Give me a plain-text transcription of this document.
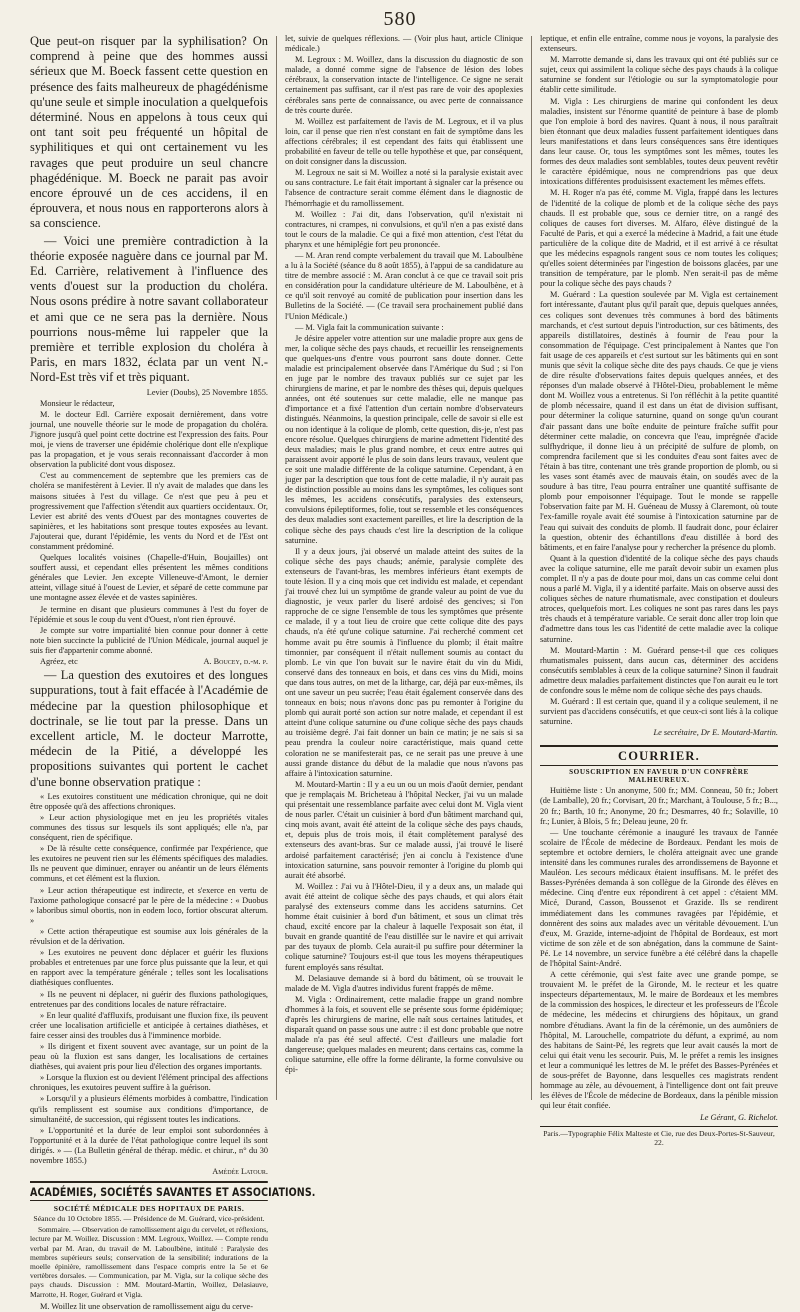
580
Que peut-on risquer par la syphilisation? On comprend à peine que des hommes aussi sérieux que M. Boeck fassent cette question en présence des faits malheureux de phagédénisme qu'une seule et simple inoculation a quelquefois déterminé. Nous en appelons à tous ceux qui ont tant soit peu fréquenté un hôpital de syphilitiques et qui ont certainement vu les ravages que peut produire un seul chancre phagédénique. M. Boeck ne parait pas avoir encore éprouvé un de ces accidens, il en éprouvera, et nous nous en rapporterons alors à sa conscience.
— Voici une première contradiction à la théorie exposée naguère dans ce journal par M. Ed. Carrière, relativement à l'influence des vents d'ouest sur la production du choléra. Nous osons prédire à notre savant collaborateur et ami que ce ne sera pas la dernière. Nous pourrions nous-même lui rappeler que la première et terrible explosion du choléra à Paris, en mars 1832, éclata par un vent N.-Nord-Est très vif et très piquant.
Levier (Doubs), 25 Novembre 1855.

Monsieur le rédacteur,

M. le docteur Edl. Carrière exposait dernièrement, dans votre journal, une nouvelle théorie sur le mode de propagation du choléra. J'ignore jusqu'à quel point cette doctrine est l'expression des faits. Pour moi, je viens de traverser une épidémie cholérique dont elle n'explique pas la propagation, et je vous serais reconnaissant d'accorder à mon observation la publicité dont vous disposez.

C'est au commencement de septembre que les premiers cas de choléra se manifestèrent à Levier. Il n'y avait de malades que dans les maisons situées à l'est du village. Ce n'est que peu à peu et progressivement que l'affection s'étendit aux quartiers occidentaux. Or, Levier est abrité des vents d'Ouest par des montagnes couvertes de sapinières, et les habitations sont presque toutes exposées au levant. J'ajouterai que, durant l'épidémie, les vents du Nord et de l'Est ont constamment prédominé.

Quelques localités voisines (Chapelle-d'Huin, Boujailles) ont souffert aussi, et cependant elles présentent les mêmes conditions générales que Levier. Jen excepte Villeneuve-d'Amont, le dernier atteint, village situé à l'ouest de Levier, et séparé de cette commune par une montagne assez élevée et de vastes sapinières.

Je termine en disant que plusieurs communes à l'est du foyer de l'épidémie et sous le coup du vent d'Ouest, n'ont rien éprouvé.

Je compte sur votre impartialité bien connue pour donner à cette note bien succincte la publicité de l'Union Médicale, journal auquel je suis fier d'appartenir comme abonné.

Agréez, etc	A. Boucey, d.-m. p.

— La question des exutoires et des longues suppurations, tout à fait effacée à l'Académie de médecine par la question philosophique et doctrinale, se lie tout par la presse. Dans un excellent article, M. le docteur Marrotte, médecin de la Pitié, a développé les propositions suivantes qui portent le cachet d'une bonne observation pratique :

« Les exutoires constituent une médication chronique, qui ne doit être opposée qu'à des affections chroniques.

» Leur action physiologique met en jeu les propriétés vitales communes des tissus sur lesquels ils sont appliqués; elle n'a, par conséquent, rien de spécifique.

» De là résulte cette conséquence, confirmée par l'expérience, que les exutoires ne peuvent rien sur les éléments spécifiques des maladies. Ils ne peuvent que diminuer, enrayer ou anéantir un de leurs éléments communs, et cet élément est la fluxion.

» Leur action thérapeutique est indirecte, et s'exerce en vertu de l'axiome pathologique consacré par le père de la médecine : « Duobus » laboribus simul obortis, non in eodem loco, fortior obscurat alterum. »

» Cette action thérapeutique est soumise aux lois générales de la révulsion et de la dérivation.

» Les exutoires ne peuvent donc déplacer et guérir les fluxions probables et entretenues par une force plus puissante que la leur, et qui en rapport avec la température générale ; telles sont les localisations diathésiques confluentes.

» Ils ne peuvent ni déplacer, ni guérir des fluxions pathologiques, entretenues par des conditions locales de nature réfractaire.

» En leur qualité d'affluxifs, produisant une fluxion fixe, ils peuvent créer une localisation artificielle et anticipée à certaines diathèses, et faire cesser ainsi des troubles dus à l'imminence morbide.

» Ils dirigent et fixent souvent avec avantage, sur un point de la peau où la fluxion est sans danger, les localisations de certaines diathèses, qui avaient pris pour lieu d'élection des organes importants.

» Lorsque la fluxion est ou devient l'élément principal des affections chroniques, les exutoires peuvent suffire à la guérison.

» Lorsqu'il y a plusieurs éléments morbides à combattre, l'indication qu'ils remplissent est soumise aux conditions d'importance, de simultanéité, de succession, qui régissent toutes les indications.

» L'opportunité et la durée de leur emploi sont subordonnées à l'opportunité et à la durée de l'état pathologique contre lequel ils sont dirigés. » — (La Bulletin général de thérap. médic. et chirur., n° du 30 novembre 1855.)

Amédée Latour.
ACADÉMIES, SOCIÉTÉS SAVANTES ET ASSOCIATIONS.
SOCIÉTÉ MÉDICALE DES HOPITAUX DE PARIS.
Séance du 10 Octobre 1855. — Présidence de M. Guérard, vice-président.
Sommaire. — Observation de ramollissement aigu du cervelet, et réflexions, lecture par M. Woillez. Discussion : MM. Legroux, Woillez. — Compte rendu verbal par M. Aran, du travail de M. Laboulbène, intitulé : Paralysie des membres supérieurs seuls; conservation de la sensibilité; indurations de la moelle épinière, ramollissement dans l'espace compris entre la 5e et 6e vertèbres dorsales. — Communication, par M. Vigla, sur la colique sèche des pays chauds. Discussion : MM. Moutard-Martin, Woillez, Delasiauve, Marrotte, H. Roger, Guérard et Vigla.

M. Woillez lit une observation de ramollissement aigu du cerve-

let, suivie de quelques réflexions. — (Voir plus haut, article Clinique médicale.)

M. Legroux : M. Woillez, dans la discussion du diagnostic de son malade, a donné comme signe de l'absence de lésion des lobes cérébraux, la conservation intacte de l'intelligence. Ce signe ne serait certainement pas suffisant, car il n'est pas rare de voir des apoplexies cérébrales sans perte de connaissance, ou avec perte de connaissance de très courte durée.

M. Woillez est parfaitement de l'avis de M. Legroux, et il va plus loin, car il pense que rien n'est constant en fait de symptôme dans les affections cérébrales; il est cependant des faits qui établissent une probabilité en faveur de telle ou telle hypothèse et que, par conséquent, on doit consigner dans la discussion.

M. Legroux ne sait si M. Woillez a noté si la paralysie existait avec ou sans contracture. Le fait était important à signaler car la présence ou l'absence de contracture serait comme élément dans le diagnostic de l'hémorrhagie et du ramollissement.

M. Woillez : J'ai dit, dans l'observation, qu'il n'existait ni contractures, ni crampes, ni convulsions, et qu'il n'en a pas existé dans tout le cours de la maladie. Ce qui a fixé mon attention, c'est l'état du pharynx et une hémiplégie fort peu prononcée.

— M. Aran rend compte verbalement du travail que M. Laboulbène a lu à la Société (séance du 8 août 1855), à l'appui de sa candidature au titre de membre associé : M. Aran conclut à ce que ce travail soit pris en considération pour la candidature ultérieure de M. Laboulbène, et à ce qu'il soit renvoyé au comité de publication pour insertion dans les Bulletins de la Société. — (Ce travail sera prochainement publié dans l'Union Médicale.)

— M. Vigla fait la communication suivante :

Je désire appeler votre attention sur une maladie propre aux gens de mer, la colique sèche des pays chauds, et recueillir les renseignements que quelques-uns d'entre vous pourront sans doute donner. Cette maladie est principalement observée dans l'Amérique du Sud ; si l'on en juge par le nombre des travaux publiés sur ce sujet par les chirurgiens de marine, et par le nombre des thèses qui, depuis quelques années, ont été soutenues sur cette maladie, elle ne manque pas d'importance et a fixé l'attention d'un certain nombre d'observateurs distingués. Néanmoins, la question principale, celle de savoir si elle est ou non identique à la colique de plomb, cette question, dis-je, n'est pas encore résolue. Quelques chirurgiens de marine admettent l'identité des deux maladies; mais le plus grand nombre, et ceux entre autres qui paraissent avoir apporté le plus de soin dans leurs travaux, veulent que ce soit une maladie différente de la colique saturnine. Cependant, à en juger par la description que tous font de cette maladie, il n'y aurait pas de distinction possible au moins dans les symptômes, les coliques sont les mêmes, les accidens consécutifs, paralysies des extenseurs, convulsions épileptiformes, folie, tout se ressemble et les conséquences des deux maladies sont exactement pareilles, et lire la description de la colique sèche des pays chauds c'est lire la description de la colique saturnine.

Il y a deux jours, j'ai observé un malade atteint des suites de la colique sèche des pays chauds; anémie, paralysie complète des extenseurs de l'avant-bras, les membres inférieurs étant exempts de toute lésion. Il y a cinq mois que cet individu est malade, et cependant j'ai trouvé chez lui un symptôme de grande valeur au point de vue du diagnostic, je veux parler du liseré ardoisé des gencives; si l'on rapproche de ce signe l'ensemble de tous les symptômes que présente ce malade, il y a tout lieu de croire que cette colique dite des pays chauds, n'a été qu'une colique saturnine. J'ai recherché comment cet homme avait pu être soumis à l'influence du plomb; il était maître timonnier, par conséquent il n'était nullement soumis au contact du plomb. Le vin que l'on buvait sur le navire était du vin du Midi, conservé dans des tonneaux en bois, et dans ces vins du Midi, moins que dans tous autres, on met de la litharge, car, déjà par eux-mêmes, ils ont une saveur un peu sucrée; l'eau était également conservée dans des tonneaux en bois; nous n'avons donc pas pu remonter à l'origine du plomb qui aurait porté son action sur notre malade, et cependant il est atteint d'une colique saturnine ou d'une colique sèche des pays chauds au troisième degré. J'ai fait donner un bain ce matin; je ne sais si sa peau prendra la couleur noire caractéristique, mais quand cette coloration ne se manifesterait pas, ce ne serait pas une preuve à une aussi grande distance du début de la maladie que nous n'avons pas affaire à l'intoxication saturnine.

M. Moutard-Martin : Il y a eu un ou un mois d'août dernier, pendant que je remplaçais M. Bricheteau à l'hôpital Necker, j'ai vu un malade qui présentait une ressemblance parfaite avec celui dont M. Vigla vient de nous parler. C'était un cuisinier à bord d'un bâtiment marchand qui, cinq mois avant, avait été atteint de la colique sèche des pays chauds, et, depuis plus de trois mois, il était complètement paralysé des extenseurs des avant-bras. Sur ce malade aussi, j'ai trouvé le liseré ardoisé parfaitement caractérisé; j'en ai conclu à l'existence d'une intoxication saturnine, sans pouvoir remonter à l'origine du plomb qui aurait été absorbé.

M. Woillez : J'ai vu à l'Hôtel-Dieu, il y a deux ans, un malade qui avait été atteint de colique sèche des pays chauds, et qui alors était paralysé des extenseurs comme dans les accidens saturnins. Cet homme était cuisinier à bord d'un bâtiment, et sous un climat très chaud, excité encore par la chaleur à laquelle l'exposait son état, il buvait en grande quantité de l'eau distillée sur le navire et qui arrivait par des tuyaux de plomb. Cela aurait-il pu suffire pour déterminer la colique saturnine? Toujours est-il que tous les moyens thérapeutiques furent employés sans résultat.

M. Delasiauve demande si à bord du bâtiment, où se trouvait le malade de M. Vigla d'autres individus furent frappés de même.

M. Vigla : Ordinairement, cette maladie frappe un grand nombre d'hommes à la fois, et souvent elle se présente sous forme épidémique; d'après les chirurgiens de marine, elle naît sous certaines latitudes, et disparaît quand on passe sous une autre : il est donc probable que notre malade n'a pas été seul affecté. C'est d'ailleurs une maladie fort dangereuse; quelques malades en meurent; dans certains cas, comme la colique saturnine, elle offre la forme délirante, la forme convulsive ou épi-

leptique, et enfin elle entraîne, comme nous je voyons, la paralysie des extenseurs.

M. Marrotte demande si, dans les travaux qui ont été publiés sur ce sujet, ceux qui assimilent la colique sèche des pays chauds à la colique saturnine se fondent sur l'étiologie ou sur la symptomatologie pour établir cette similitude.

M. Vigla : Les chirurgiens de marine qui confondent les deux maladies, insistent sur l'énorme quantité de peinture à base de plomb que l'on emploie à bord des navires. Quant à nous, il nous paraîtrait bien étonnant que deux maladies fussent parfaitement identiques dans leurs manifestations et dans leurs conséquences sans être identiques dans leur cause. Or, tous les symptômes sont les mêmes, toutes les formes des deux maladies sont semblables, toutes deux peuvent revêtir le caractère épidémique, nous ne comprendrions pas que deux intoxications différentes produisissent exactement les mêmes effets.

M. H. Roger n'a pas été, comme M. Vigla, frappé dans les lectures de l'identité de la colique de plomb et de la colique sèche des pays chauds. Il est probable que, sous ce dernier titre, on a rangé des coliques de causes fort diverses. M. Alfaro, élève distingué de la Faculté de Paris, et qui a exercé la médecine à Madrid, a fait une étude particulière de la colique dite de Madrid, et il est arrivé à ce résultat que les médecins espagnols rangent sous ce nom toutes les coliques; qu'elles soient déterminées par l'ingestion de boissons glacées, par une transition de température, par le plomb. N'en serait-il pas de même pour la colique sèche des pays chauds ?

M. Guérard : La question soulevée par M. Vigla est certainement fort intéressante, d'autant plus qu'il paraît que, depuis quelques années, ces coliques sont devenues très communes à bord des bâtiments marchands, et c'est surtout depuis l'introduction, sur ces bâtiments, des appareils distillatoires, destinés à fournir de l'eau pour la consommation de l'équipage. C'est principalement à Nantes que l'on fait usage de ces appareils et c'est surtout sur les bâtiments qui en sont munis que sévit la colique sèche dite des pays chauds. Ce que je viens de dire résulte d'observations faites depuis quelques années, et des réponses d'un malade observé à l'Hôtel-Dieu, probablement le même dont M. Woillez vous a entretenus. Si l'on réfléchit à la petite quantité de plomb nécessaire, quand il est dans un état de division suffisant, pour déterminer la colique saturnine, quand on songe qu'un courant d'air passant dans une boîte enduite de peinture fraîche suffit pour déterminer cette maladie, on concevra que l'eau, imprégnée d'acide sulfhydrique, il donne lieu à un précipité de sulfure de plomb, on comprendra facilement que si les conduites d'eau sont faites avec de l'étain à bas titre, contenant une très grande proportion de plomb, ou si les vases sont étamés avec de mauvais étain, on soudés avec de la soudure à bas titre, l'eau pourra entraîner une quantité suffisante de plomb pour empoisonner l'équipage. Tout le monde se rappelle l'observation faite par M. H. Guéneau de Mussy à Claremont, où toute l'ex-famille royale avait été soumise à l'intoxication saturnine par de l'eau qui suivait des conduits de plomb. Il faudrait donc, pour éclairer la question, obtenir des échantillons d'eau distillée à bord des bâtiments, et en faire l'analyse pour y rechercher la présence du plomb.

Quant à la question d'identité de la colique sèche des pays chauds avec la colique saturnine, elle me paraît devoir subir un examen plus complet. Il n'y a pas de doute pour moi, dans un cas comme celui dont nous a parlé M. Vigla, il y a identité parfaite. Mais on observe aussi des coliques sèches de nature rhumatismale, avec constipation et douleurs atroces, quelquefois mort. Les coliques ne sont pas rares dans les pays très chauds et à température variable. Ce serait donc aller trop loin que d'admettre dans tous les cas l'identité de cette maladie avec la colique saturnine.

M. Moutard-Martin : M. Guérard pense-t-il que ces coliques rhumatismales puissent, dans aucun cas, déterminer des accidens consécutifs semblables à ceux de la colique saturnine? Sinon il faudrait admettre deux maladies parfaitement distinctes que l'on aurait eu le tort de confondre sous le même nom de colique sèche des pays chauds.

M. Guérard : Il est certain que, quand il y a colique seulement, il ne survient pas d'accidens consécutifs, et que ceux-ci sont liés à la colique saturnine.

Le secrétaire, Dr E. Moutard-Martin.
COURRIER.
SOUSCRIPTION EN FAVEUR D'UN CONFRÈRE MALHEUREUX.

Huitième liste : Un anonyme, 500 fr.; MM. Conneau, 50 fr.; Jobert (de Lamballe), 20 fr.; Corvisart, 20 fr.; Marchant, à Toulouse, 5 fr.; B..., 20 fr.; Barth, 10 fr.; Anonyme, 20 fr.; Desmarres, 40 fr.; Solaville, 10 fr.; Lunier, à Blois, 5 fr.; Deleau jeune, 20 fr.

— Une touchante cérémonie a inauguré les travaux de l'année scolaire de l'École de médecine de Bordeaux. Pendant les mois de septembre et octobre derniers, le choléra atteignait avec une grande intensité dans les communes rurales des arrondissemens de Bayonne et Mauléon. Les secours médicaux étaient insuffisans. M. le préfet des Basses-Pyrénées demanda à son collègue de la Gironde des élèves en médecine. Cinq d'entre eux répondirent à cet appel : c'étaient MM. Micé, Durand, Casson, Boussenot et Grazide. Ils se rendirent immédiatement dans les communes ravagées par l'épidémie, et donnèrent des soins aux malades avec un véritable dévouement. L'un d'eux, M. Grazide, interne-adjoint de l'hôpital de Bordeaux, est mort victime de son zèle et de son abnégation, dans la commune de Saint-Pé. Le 14 novembre, un service funèbre a été célébré dans la chapelle de l'hôpital Saint-André.

A cette cérémonie, qui s'est faite avec une grande pompe, se trouvaient M. le préfet de la Gironde, M. le recteur et les quatre inspecteurs départementaux, M. le maire de Bordeaux et les membres de la commission des hospices, le directeur et les professeurs de l'École de médecine, les médecins et chirurgiens des hôpitaux, un grand nombre d'étudians. Avant la fin de la cérémonie, un des aumôniers de l'hôpital, M. Larouchelle, compatriote du défunt, a exprimé, au nom des habitans de Saint-Pé, les regrets que leur avait causés la mort de celui qui était venu les secourir. Puis, M. le préfet a remis les insignes et leur a communiqué les lettres de M. le préfet des Basses-Pyrénées et de sous-préfet de Bayonne, dans lesquelles ces magistrats rendent hommage au zèle, au dévouement, à l'intelligence dont ont fait preuve les élèves de l'École de médecine de Bordeaux, dans la pénible mission qui leur était confiée.

Le Gérant, G. Richelot.
Paris.—Typographie Félix Malteste et Cie, rue des Deux-Portes-St-Sauveur, 22.
